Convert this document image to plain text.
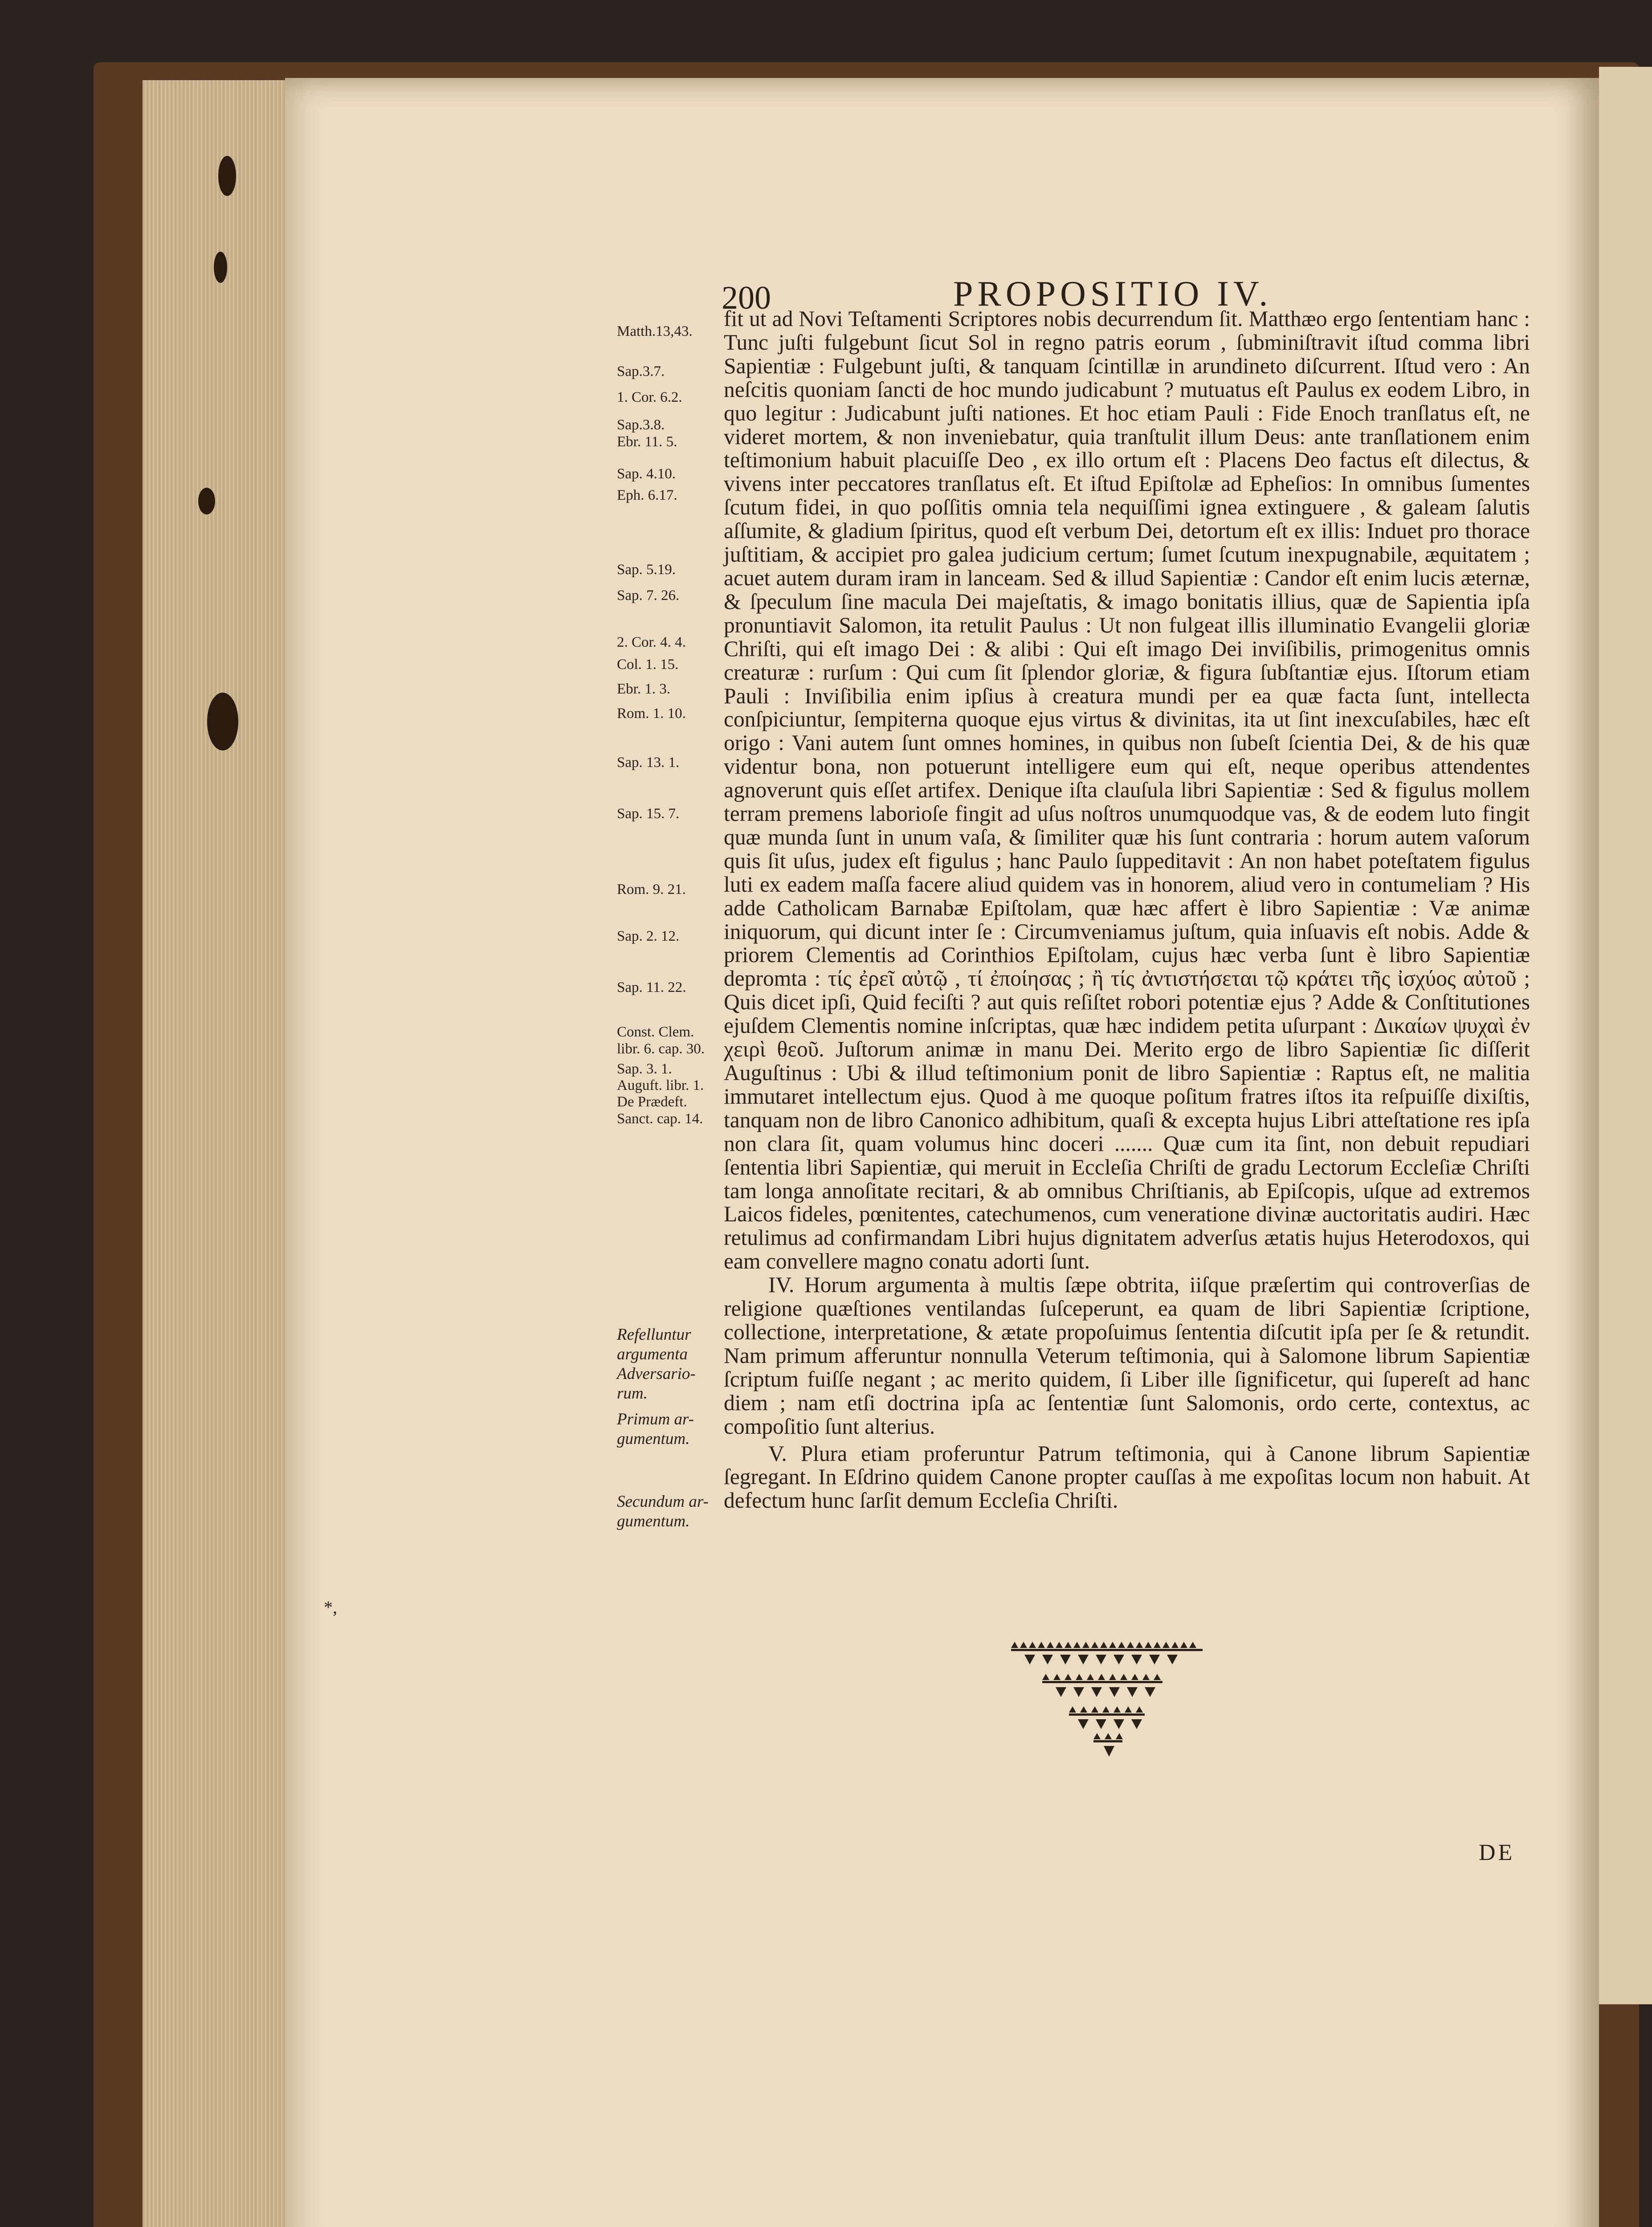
200	PROPOSITIO IV.
Matth.13,43.
Sap.3.7.
1. Cor. 6.2.
Sap.3.8.
Ebr. 11. 5.
Sap. 4.10.
Eph. 6.17.
Sap. 5.19.
Sap. 7. 26.
2. Cor. 4. 4.
Col. 1. 15.
Ebr. 1. 3.
Rom. 1. 10.
Sap. 13. 1.
Sap. 15. 7.
Rom. 9. 21.
Sap. 2. 12.
Sap. 11. 22.
Const. Clem.
libr. 6. cap. 30.
Sap. 3. 1.
Auguft. libr. 1.
De Prædeft.
Sanct. cap. 14.
Refelluntur argumenta Adversario-rum.
Primum ar-gumentum.
Secundum ar-gumentum.

fit ut ad Novi Teſtamenti Scriptores nobis decurrendum ſit. Matthæo ergo ſententiam hanc : Tunc juſti fulgebunt ſicut Sol in regno patris eorum , ſubminiſtravit iſtud comma libri Sapientiæ : Fulgebunt juſti, & tanquam ſcintillæ in arundineto diſcurrent. Iſtud vero : An neſcitis quoniam ſancti de hoc mundo judicabunt ? mutuatus eſt Paulus ex eodem Libro, in quo legitur : Judicabunt juſti nationes. Et hoc etiam Pauli : Fide Enoch tranſlatus eſt, ne videret mortem, & non inveniebatur, quia tranſtulit illum Deus: ante tranſlationem enim teſtimonium habuit placuiſſe Deo , ex illo ortum eſt : Placens Deo factus eſt dilectus, & vivens inter peccatores tranſlatus eſt. Et iſtud Epiſtolæ ad Epheſios: In omnibus ſumentes ſcutum fidei, in quo poſſitis omnia tela nequiſſimi ignea extinguere , & galeam ſalutis aſſumite, & gladium ſpiritus, quod eſt verbum Dei, detortum eſt ex illis: Induet pro thorace juſtitiam, & accipiet pro galea judicium certum; ſumet ſcutum inexpugnabile, æquitatem ; acuet autem duram iram in lanceam. Sed & illud Sapientiæ : Candor eſt enim lucis æternæ, & ſpeculum ſine macula Dei majeſtatis, & imago bonitatis illius, quæ de Sapientia ipſa pronuntiavit Salomon, ita retulit Paulus : Ut non fulgeat illis illuminatio Evangelii gloriæ Chriſti, qui eſt imago Dei : & alibi : Qui eſt imago Dei inviſibilis, primogenitus omnis creaturæ : rurſum : Qui cum ſit ſplendor gloriæ, & figura ſubſtantiæ ejus. Iſtorum etiam Pauli : Inviſibilia enim ipſius à creatura mundi per ea quæ facta ſunt, intellecta conſpiciuntur, ſempiterna quoque ejus virtus & divinitas, ita ut ſint inexcuſabiles, hæc eſt origo : Vani autem ſunt omnes homines, in quibus non ſubeſt ſcientia Dei, & de his quæ videntur bona, non potuerunt intelligere eum qui eſt, neque operibus attendentes agnoverunt quis eſſet artifex. Denique iſta clauſula libri Sapientiæ : Sed & figulus mollem terram premens laborioſe fingit ad uſus noſtros unumquodque vas, & de eodem luto fingit quæ munda ſunt in unum vaſa, & ſimiliter quæ his ſunt contraria : horum autem vaſorum quis ſit uſus, judex eſt figulus ; hanc Paulo ſuppeditavit : An non habet poteſtatem figulus luti ex eadem maſſa facere aliud quidem vas in honorem, aliud vero in contumeliam ? His adde Catholicam Barnabæ Epiſtolam, quæ hæc affert è libro Sapientiæ : Væ animæ iniquorum, qui dicunt inter ſe : Circumveniamus juſtum, quia inſuavis eſt nobis. Adde & priorem Clementis ad Corinthios Epiſtolam, cujus hæc verba ſunt è libro Sapientiæ depromta : τίς ἐρεῖ αὐτῷ , τί ἐποίησας ; ἢ τίς ἀντιστήσεται τῷ κράτει τῆς ἰσχύος αὐτοῦ ; Quis dicet ipſi, Quid feciſti ? aut quis reſiſtet robori potentiæ ejus ? Adde & Conſtitutiones ejuſdem Clementis nomine inſcriptas, quæ hæc indidem petita uſurpant : Δικαίων ψυχαὶ ἐν χειρὶ θεοῦ. Juſtorum animæ in manu Dei. Merito ergo de libro Sapientiæ ſic diſſerit Auguſtinus : Ubi & illud teſtimonium ponit de libro Sapientiæ : Raptus eſt, ne malitia immutaret intellectum ejus. Quod à me quoque poſitum fratres iſtos ita reſpuiſſe dixiſtis, tanquam non de libro Canonico adhibitum, quaſi & excepta hujus Libri atteſtatione res ipſa non clara ſit, quam volumus hinc doceri ....... Quæ cum ita ſint, non debuit repudiari ſententia libri Sapientiæ, qui meruit in Eccleſia Chriſti de gradu Lectorum Eccleſiæ Chriſti tam longa annoſitate recitari, & ab omnibus Chriſtianis, ab Epiſcopis, uſque ad extremos Laicos fideles, pœnitentes, catechumenos, cum veneratione divinæ auctoritatis audiri. Hæc retulimus ad confirmandam Libri hujus dignitatem adverſus ætatis hujus Heterodoxos, qui eam convellere magno conatu adorti ſunt.

IV. Horum argumenta à multis ſæpe obtrita, iiſque præſertim qui controverſias de religione quæſtiones ventilandas ſuſceperunt, ea quam de libri Sapientiæ ſcriptione, collectione, interpretatione, & ætate propoſuimus ſententia diſcutit ipſa per ſe & retundit. Nam primum afferuntur nonnulla Veterum teſtimonia, qui à Salomone librum Sapientiæ ſcriptum fuiſſe negant ; ac merito quidem, ſi Liber ille ſignificetur, qui ſupereſt ad hanc diem ; nam etſi doctrina ipſa ac ſententiæ ſunt Salomonis, ordo certe, contextus, ac compoſitio ſunt alterius.

V. Plura etiam proferuntur Patrum teſtimonia, qui à Canone librum Sapientiæ ſegregant. In Eſdrino quidem Canone propter cauſſas à me expoſitas locum non habuit. At defectum hunc ſarſit demum Eccleſia Chriſti.

*,
DE
